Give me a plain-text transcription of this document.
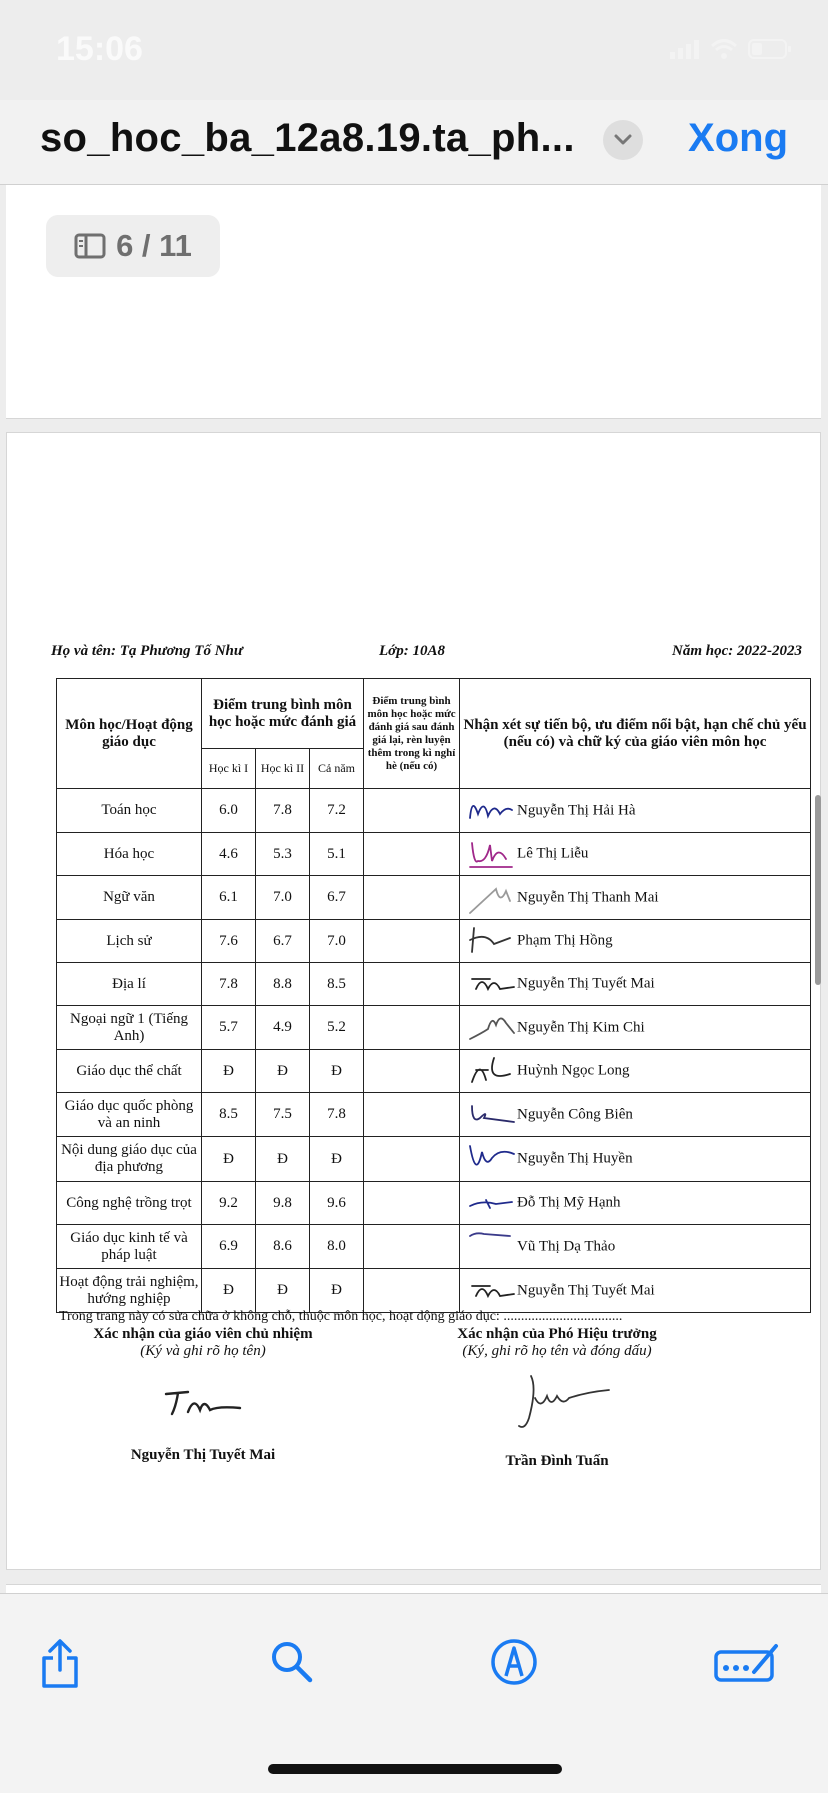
15:06
so_hoc_ba_12a8.19.ta_ph...	Xong
6 / 11
Họ và tên: Tạ Phương Tố Như	Lớp: 10A8	Năm học: 2022-2023
Môn học/Hoạt động giáo dục	Điểm trung bình môn học hoặc mức đánh giá			Điểm trung bình môn học hoặc mức đánh giá sau đánh giá lại, rèn luyện thêm trong kì nghỉ hè (nếu có)	Nhận xét sự tiến bộ, ưu điểm nổi bật, hạn chế chủ yếu (nếu có) và chữ ký của giáo viên môn học
	Học kì I	Học kì II	Cả năm		
Toán học	6.0	7.8	7.2		Nguyễn Thị Hải Hà

Hóa học	4.6	5.3	5.1		Lê Thị Liễu

Ngữ văn	6.1	7.0	6.7		Nguyễn Thị Thanh Mai

Lịch sử	7.6	6.7	7.0		Phạm Thị Hồng

Địa lí	7.8	8.8	8.5		Nguyễn Thị Tuyết Mai

Ngoại ngữ 1 (Tiếng Anh)	5.7	4.9	5.2		Nguyễn Thị Kim Chi

Giáo dục thể chất	Đ	Đ	Đ		Huỳnh Ngọc Long

Giáo dục quốc phòng và an ninh	8.5	7.5	7.8		Nguyễn Công Biên

Nội dung giáo dục của địa phương	Đ	Đ	Đ		Nguyễn Thị Huyền

Công nghệ trồng trọt	9.2	9.8	9.6		Đỗ Thị Mỹ Hạnh

Giáo dục kinh tế và pháp luật	6.9	8.6	8.0		Vũ Thị Dạ Thảo

Hoạt động trải nghiệm, hướng nghiệp	Đ	Đ	Đ		Nguyễn Thị Tuyết Mai
Trong trang này có sửa chữa ở không chỗ, thuộc môn học, hoạt động giáo dục: ..................................
Xác nhận của giáo viên chủ nhiệm
(Ký và ghi rõ họ tên)
Nguyễn Thị Tuyết Mai
Xác nhận của Phó Hiệu trưởng
(Ký, ghi rõ họ tên và đóng dấu)
Trần Đình Tuấn
